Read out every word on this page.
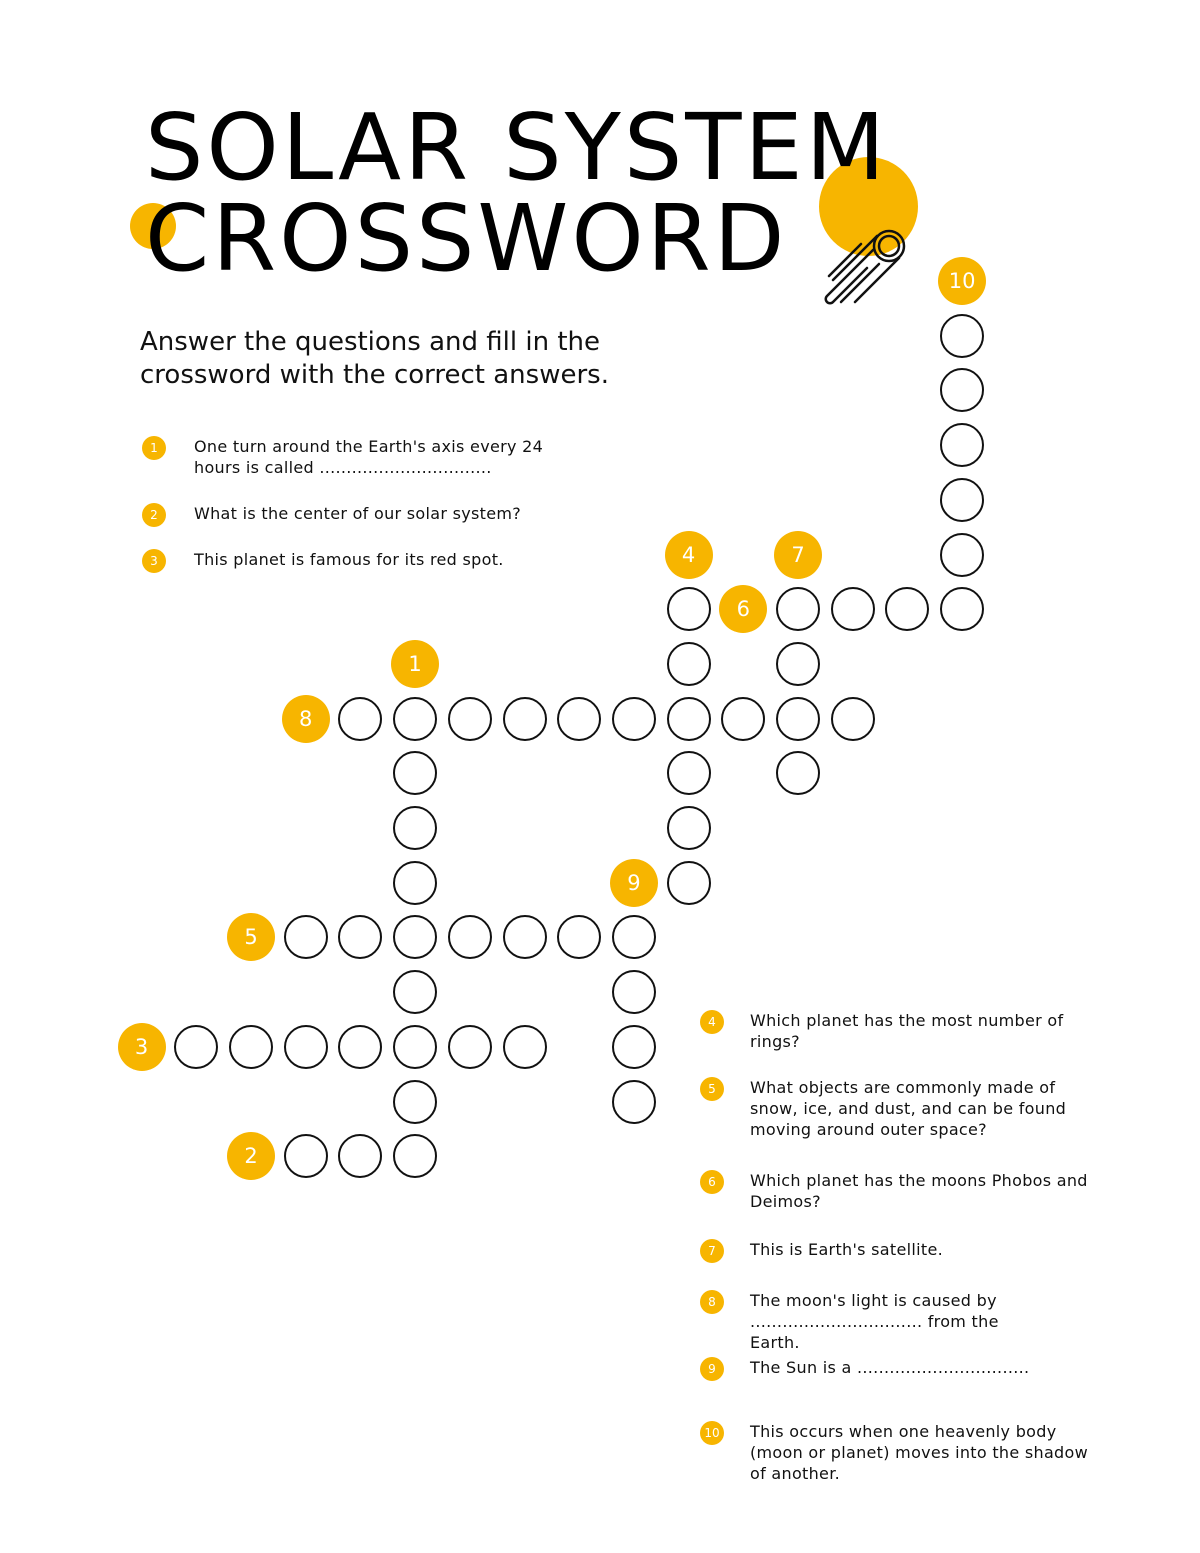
SOLAR SYSTEM
CROSSWORD

Answer the questions and fill in the crossword with the correct answers.

1	One turn around the Earth's axis every 24 hours is called ................................
2	What is the center of our solar system?
3	This planet is famous for its red spot.
4	Which planet has the most number of rings?
5	What objects are commonly made of snow, ice, and dust, and can be found moving around outer space?
6	Which planet has the moons Phobos and Deimos?
7	This is Earth's satellite.
8	The moon's light is caused by ................................ from the Earth.
9	The Sun is a ................................
10 This occurs when one heavenly body (moon or planet) moves into the shadow of another.
1
2
3
4
5
6
7
8
9
10
